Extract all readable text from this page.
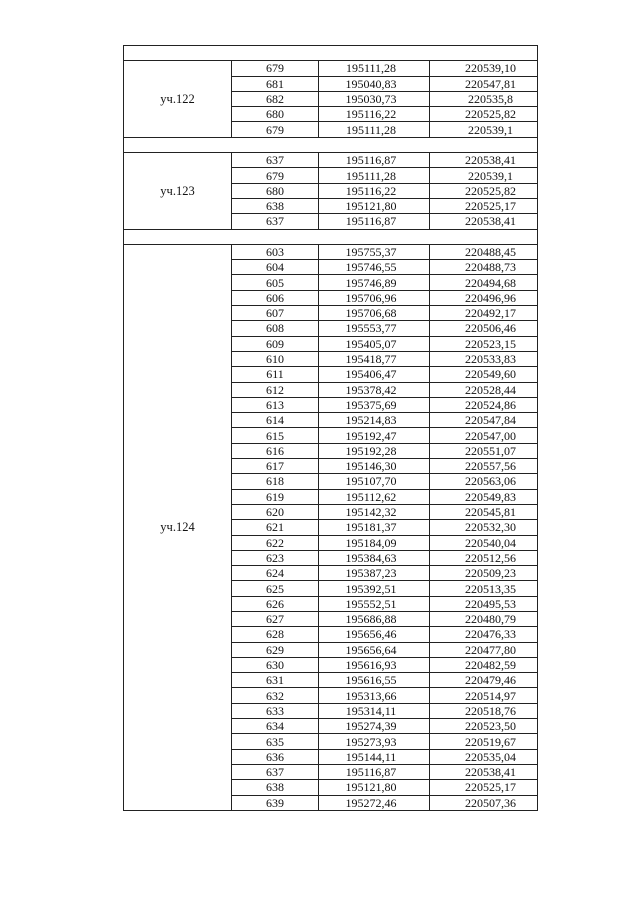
уч.122	679	195111,28	220539,10
	681	195040,83	220547,81
	682	195030,73	220535,8
	680	195116,22	220525,82
	679	195111,28	220539,1

уч.123	637	195116,87	220538,41
	679	195111,28	220539,1
	680	195116,22	220525,82
	638	195121,80	220525,17
	637	195116,87	220538,41

уч.124	603	195755,37	220488,45
	604	195746,55	220488,73
	605	195746,89	220494,68
	606	195706,96	220496,96
	607	195706,68	220492,17
	608	195553,77	220506,46
	609	195405,07	220523,15
	610	195418,77	220533,83
	611	195406,47	220549,60
	612	195378,42	220528,44
	613	195375,69	220524,86
	614	195214,83	220547,84
	615	195192,47	220547,00
	616	195192,28	220551,07
	617	195146,30	220557,56
	618	195107,70	220563,06
	619	195112,62	220549,83
	620	195142,32	220545,81
	621	195181,37	220532,30
	622	195184,09	220540,04
	623	195384,63	220512,56
	624	195387,23	220509,23
	625	195392,51	220513,35
	626	195552,51	220495,53
	627	195686,88	220480,79
	628	195656,46	220476,33
	629	195656,64	220477,80
	630	195616,93	220482,59
	631	195616,55	220479,46
	632	195313,66	220514,97
	633	195314,11	220518,76
	634	195274,39	220523,50
	635	195273,93	220519,67
	636	195144,11	220535,04
	637	195116,87	220538,41
	638	195121,80	220525,17
	639	195272,46	220507,36
